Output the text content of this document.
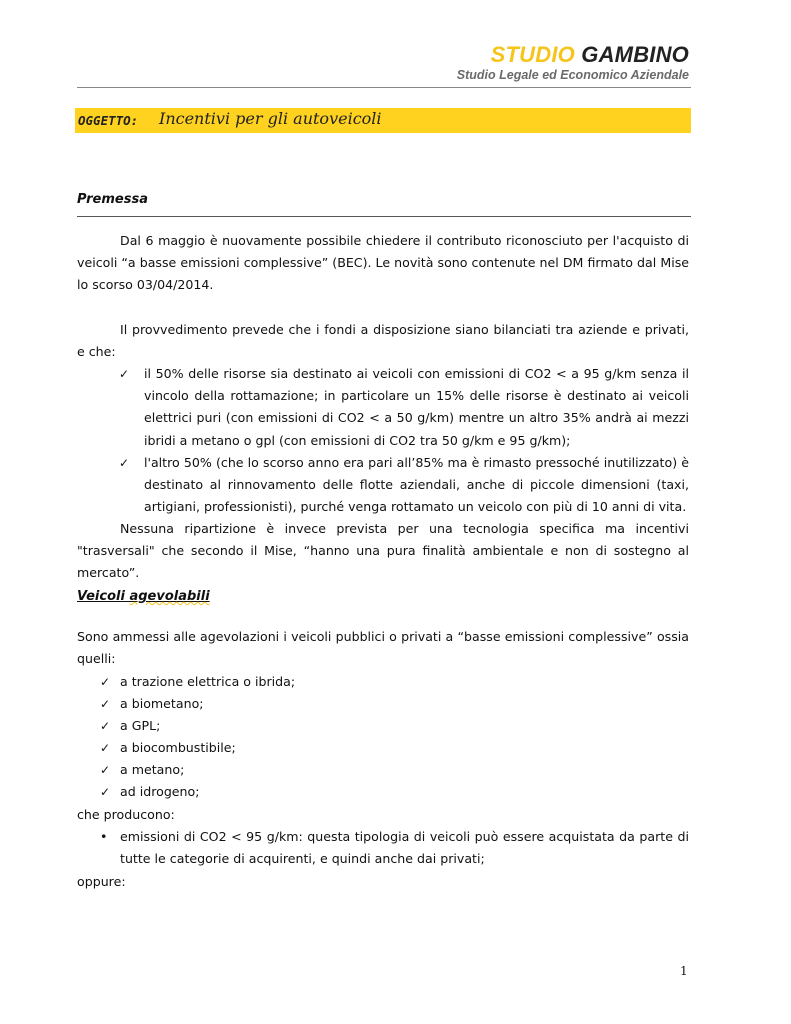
STUDIO GAMBINO
Studio Legale ed Economico Aziendale
OGGETTO: Incentivi per gli autoveicoli
Premessa
Dal 6 maggio è nuovamente possibile chiedere il contributo riconosciuto per l'acquisto di veicoli “a basse emissioni complessive” (BEC). Le novità sono contenute nel DM firmato dal Mise lo scorso 03/04/2014.
Il provvedimento prevede che i fondi a disposizione siano bilanciati tra aziende e privati, e che:
✓ il 50% delle risorse sia destinato ai veicoli con emissioni di CO2 < a 95 g/km senza il vincolo della rottamazione; in particolare un 15% delle risorse è destinato ai veicoli elettrici puri (con emissioni di CO2 < a 50 g/km) mentre un altro 35% andrà ai mezzi ibridi a metano o gpl (con emissioni di CO2 tra 50 g/km e 95 g/km);
✓ l'altro 50% (che lo scorso anno era pari all’85% ma è rimasto pressoché inutilizzato) è destinato al rinnovamento delle flotte aziendali, anche di piccole dimensioni (taxi, artigiani, professionisti), purché venga rottamato un veicolo con più di 10 anni di vita.
Nessuna ripartizione è invece prevista per una tecnologia specifica ma incentivi "trasversali" che secondo il Mise, “hanno una pura finalità ambientale e non di sostegno al mercato”.
Veicoli agevolabili
Sono ammessi alle agevolazioni i veicoli pubblici o privati a “basse emissioni complessive” ossia quelli:
✓ a trazione elettrica o ibrida;
✓ a biometano;
✓ a GPL;
✓ a biocombustibile;
✓ a metano;
✓ ad idrogeno;
che producono:
• emissioni di CO2 < 95 g/km: questa tipologia di veicoli può essere acquistata da parte di tutte le categorie di acquirenti, e quindi anche dai privati;
oppure:
1
